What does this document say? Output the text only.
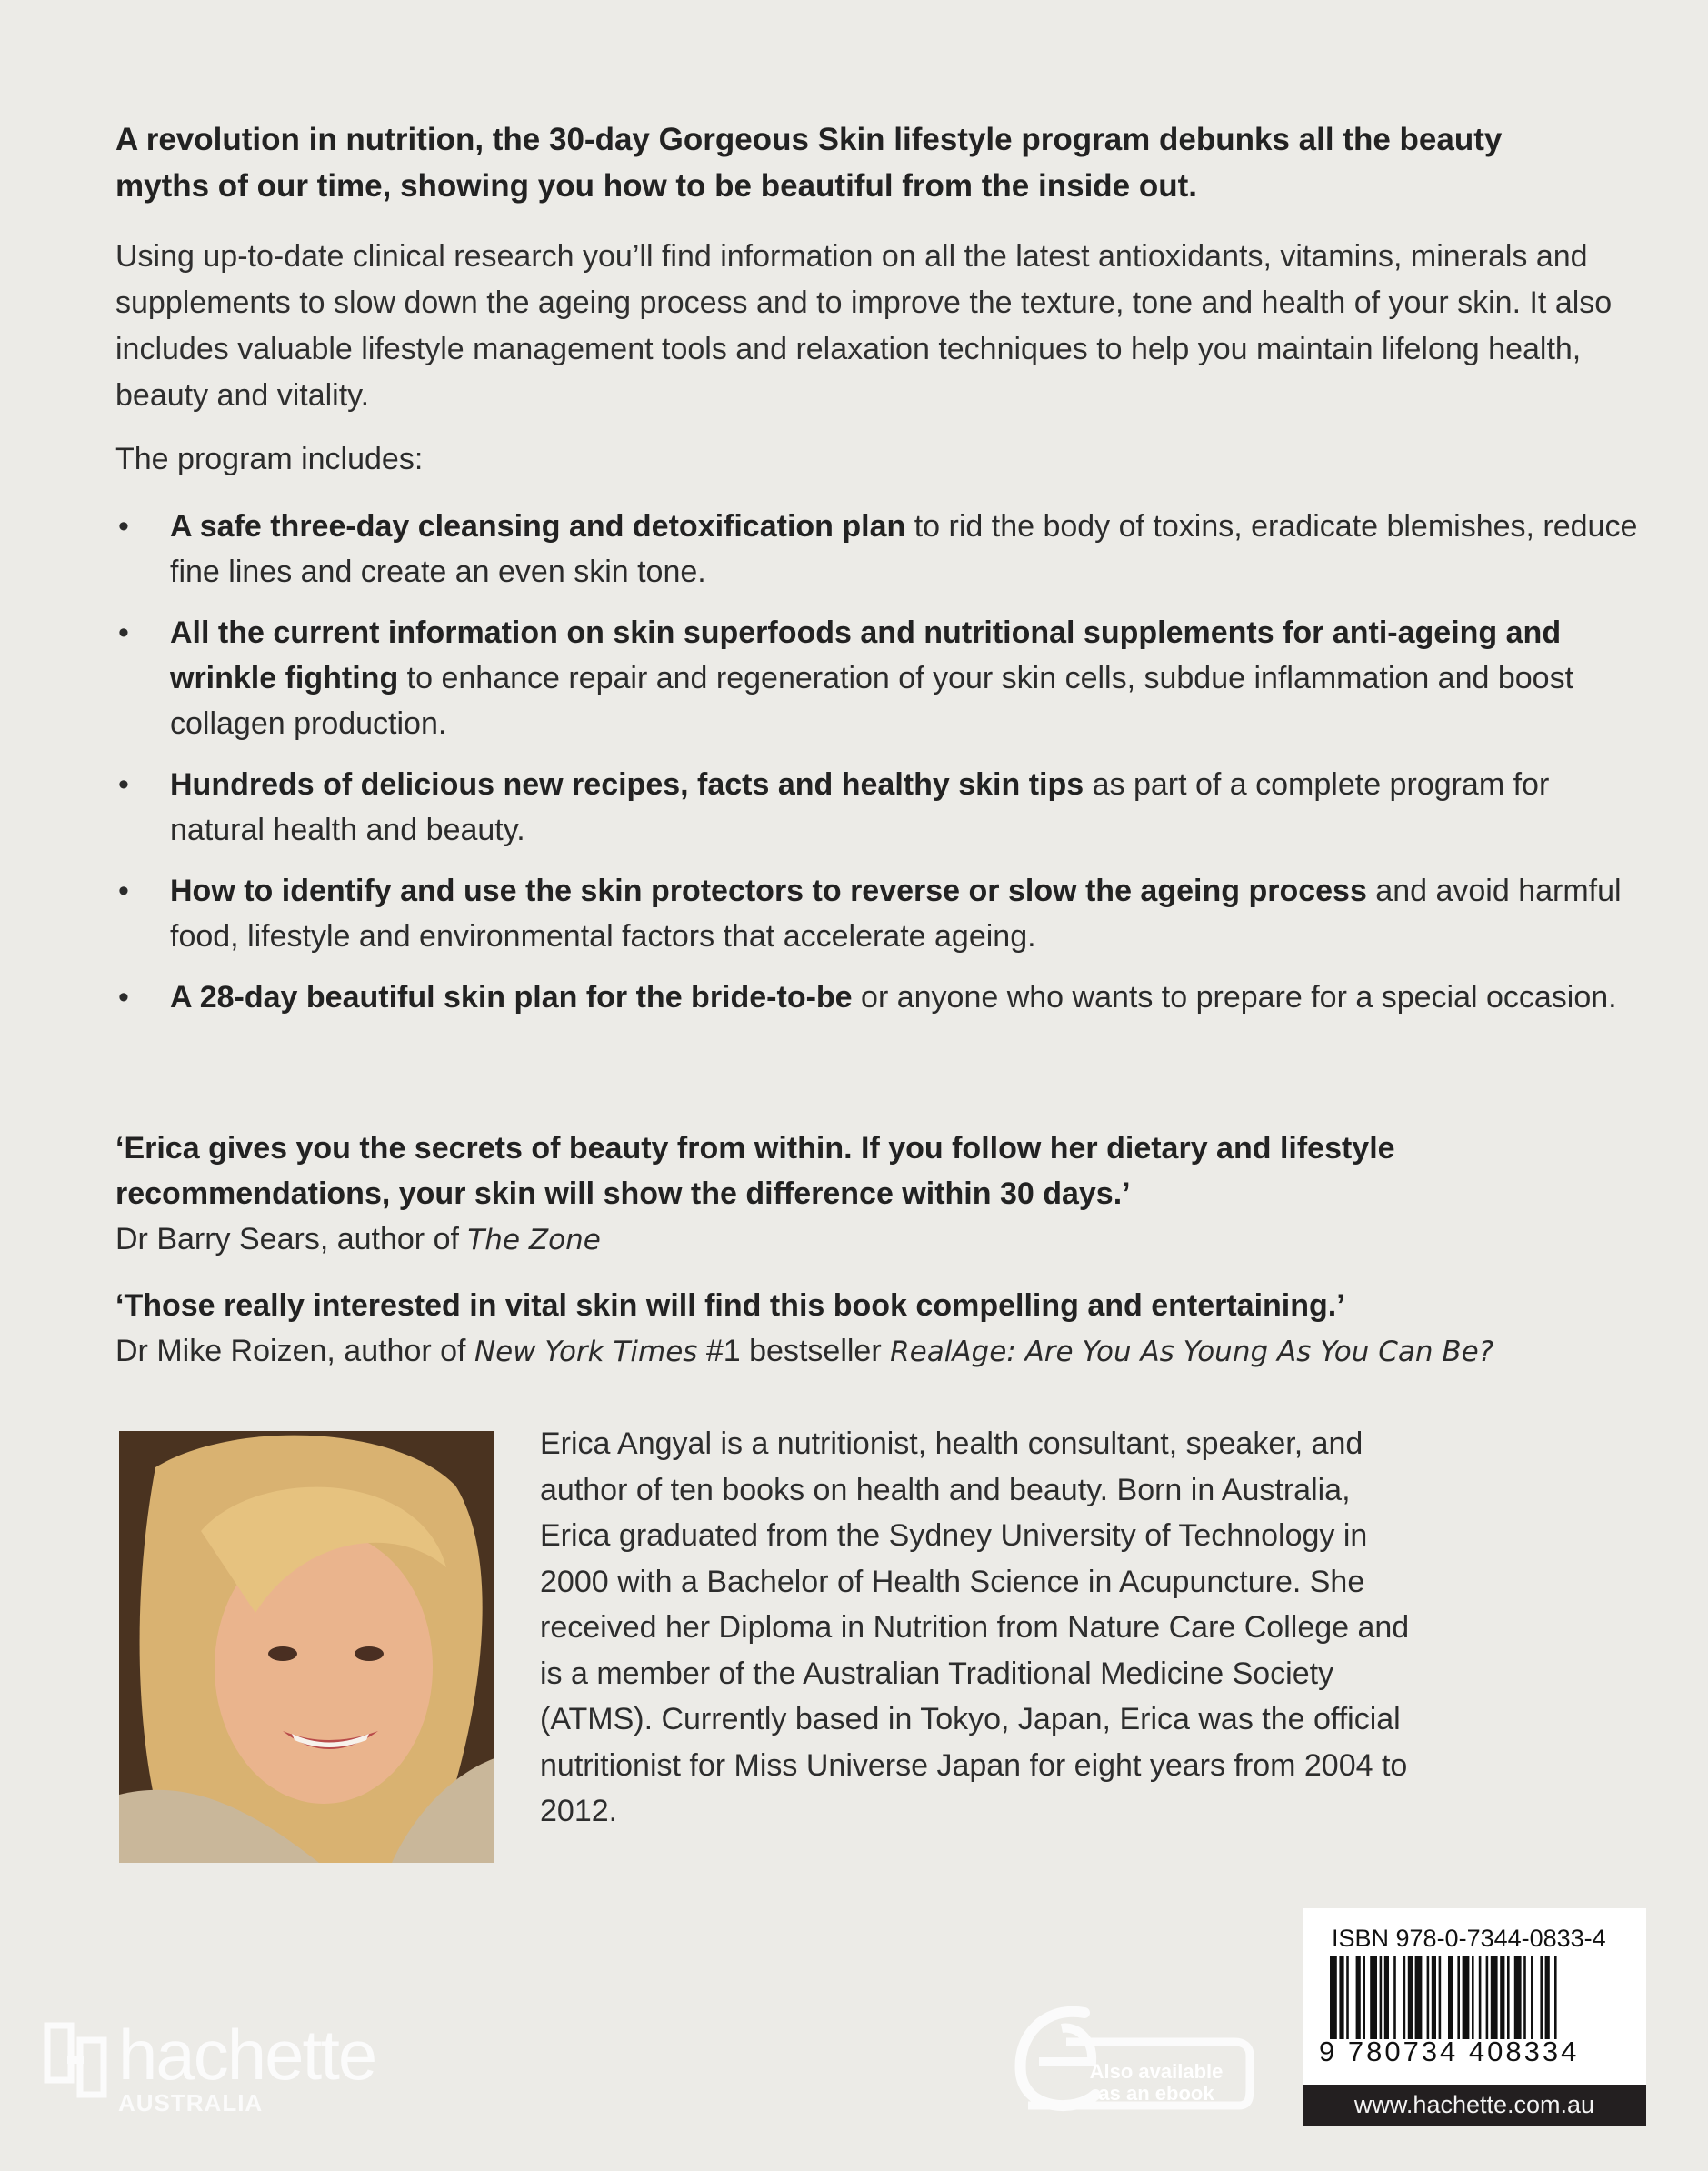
A revolution in nutrition, the 30-day Gorgeous Skin lifestyle program debunks all the beauty myths of our time, showing you how to be beautiful from the inside out.

Using up-to-date clinical research you’ll find information on all the latest antioxidants, vitamins, minerals and supplements to slow down the ageing process and to improve the texture, tone and health of your skin. It also includes valuable lifestyle management tools and relaxation techniques to help you maintain lifelong health, beauty and vitality.

The program includes:

• A safe three-day cleansing and detoxification plan to rid the body of toxins, eradicate blemishes, reduce fine lines and create an even skin tone.
• All the current information on skin superfoods and nutritional supplements for anti-ageing and wrinkle fighting to enhance repair and regeneration of your skin cells, subdue inflammation and boost collagen production.
• Hundreds of delicious new recipes, facts and healthy skin tips as part of a complete program for natural health and beauty.
• How to identify and use the skin protectors to reverse or slow the ageing process and avoid harmful food, lifestyle and environmental factors that accelerate ageing.
• A 28-day beautiful skin plan for the bride-to-be or anyone who wants to prepare for a special occasion.

‘Erica gives you the secrets of beauty from within. If you follow her dietary and lifestyle recommendations, your skin will show the difference within 30 days.’
Dr Barry Sears, author of The Zone

‘Those really interested in vital skin will find this book compelling and entertaining.’
Dr Mike Roizen, author of New York Times #1 bestseller RealAge: Are You As Young As You Can Be?

Erica Angyal is a nutritionist, health consultant, speaker, and author of ten books on health and beauty. Born in Australia, Erica graduated from the Sydney University of Technology in 2000 with a Bachelor of Health Science in Acupuncture. She received her Diploma in Nutrition from Nature Care College and is a member of the Australian Traditional Medicine Society (ATMS). Currently based in Tokyo, Japan, Erica was the official nutritionist for Miss Universe Japan for eight years from 2004 to 2012.

hachette
AUSTRALIA
Also available
as an ebook
ISBN 978-0-7344-0833-4
9 780734 408334
www.hachette.com.au
